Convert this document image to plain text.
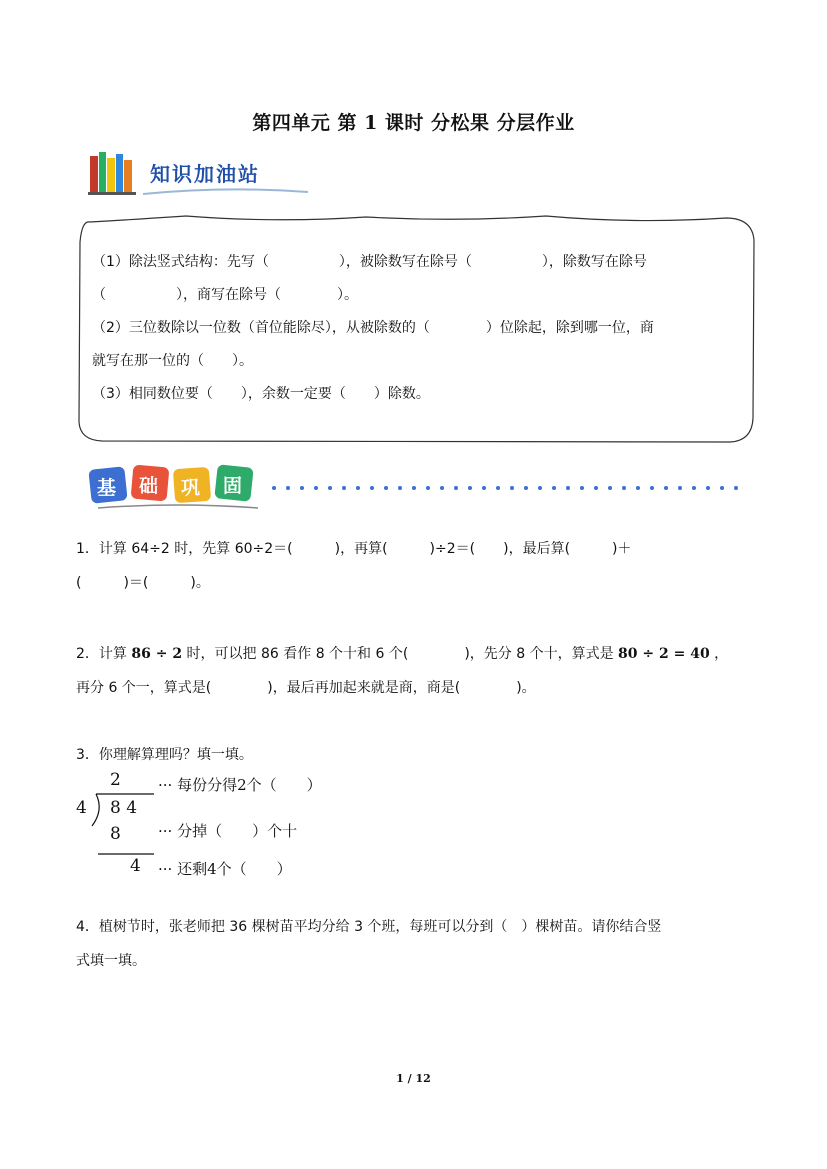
第四单元 第 1 课时 分松果 分层作业
知识加油站

（1）除法竖式结构：先写（　　　　　），被除数写在除号（　　　　　），除数写在除号

（　　　　　），商写在除号（　　　　）。

（2）三位数除以一位数（首位能除尽），从被除数的（　　　　）位除起，除到哪一位，商

就写在那一位的（　　）。

（3）相同数位要（　　），余数一定要（　　）除数。

基 础 巩 固

1．计算 64÷2 时，先算 60÷2＝(　　　)，再算(　　　)÷2＝(　　)，最后算(　　　)＋

(　　　)＝(　　　)。

2．计算 86 ÷ 2 时，可以把 86 看作 8 个十和 6 个(　　　　)，先分 8 个十，算式是 80 ÷ 2 = 40 ，

再分 6 个一，算式是(　　　　)，最后再加起来就是商，商是(　　　　)。

3．你理解算理吗？填一填。

2
4 8 4
8
4
··· 每份分得2个（　　）
··· 分掉（　　）个十
··· 还剩4个（　　）

4．植树节时，张老师把 36 棵树苗平均分给 3 个班，每班可以分到（　）棵树苗。请你结合竖

式填一填。

1 / 12
